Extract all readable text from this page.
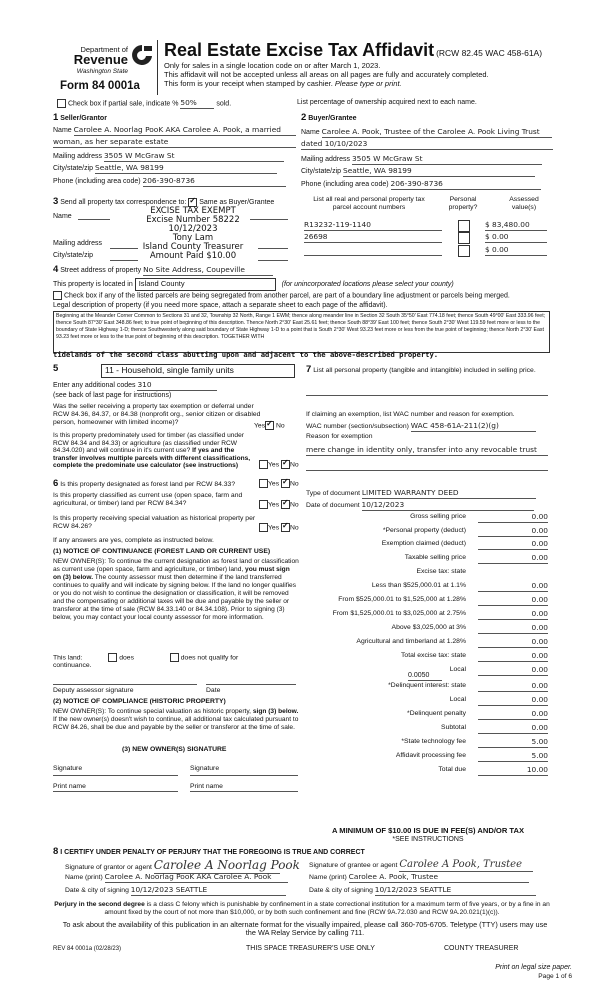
Department of
Revenue
Washington State
Form 84 0001a
Real Estate Excise Tax Affidavit (RCW 82.45 WAC 458-61A)
Only for sales in a single location code on or after March 1, 2023.
This affidavit will not be accepted unless all areas on all pages are fully and accurately completed.
This form is your receipt when stamped by cashier. Please type or print.
Check box if partial sale, indicate % 50%	sold.	List percentage of ownership acquired next to each name.
1 Seller/Grantor
Name Carolee A. Noorlag PooK AKA Carolee A. Pook, a married
woman, as her separate estate
Mailing address 3505 W McGraw St
City/state/zip Seattle, WA 98199
Phone (including area code) 206-390-8736
2 Buyer/Grantee
Name Carolee A. Pook, Trustee of the Carolee A. Pook Living Trust
dated 10/10/2023
Mailing address 3505 W McGraw St
City/state/zip Seattle, WA 98199
Phone (including area code) 206-390-8736
3 Send all property tax correspondence to: ✓ Same as Buyer/Grantee
Name
Mailing address
City/state/zip
EXCISE TAX EXEMPT
Excise Number 58222
10/12/2023
Tony Lam
Island County Treasurer
Amount Paid $10.00
List all real and personal property tax parcel account numbers
Personal property?
Assessed value(s)
R13232-119-1140	$ 83,480.00
26698	$ 0.00
$ 0.00
4 Street address of property No Site Address, Coupeville
This property is located in Island County	(for unincorporated locations please select your county)
Check box if any of the listed parcels are being segregated from another parcel, are part of a boundary line adjustment or parcels being merged.
Legal description of property (if you need more space, attach a separate sheet to each page of the affidavit).
Beginning at the Meander Corner Common to Sections 31 and 32, Township 32 North, Range 1 EWM; thence along meander line in Section 32 South 35°50' East 774.18 feet; thence South 49°00' East 333.96 feet; thence South 87°30' East 348.86 feet; to true point of beginning of this description. Thence North 2°30' East 25.61 feet; thence South 88°39' East 100 feet; thence South 2°30' West 119.59 feet more or less to the boundary of State Highway 1-D; thence Southwesterly along said boundary of State Highway 1-D to a point that is South 2°30' West 93.23 feet more or less from the true point of beginning; thence North 2°30' East 93.23 feet more or less to the true point of beginning of this description. TOGETHER WITH
tidelands of the second class abutting upon and adjacent to the above-described property.
5	11 - Household, single family units
Enter any additional codes 310
(see back of last page for instructions)
Was the seller receiving a property tax exemption or deferral under RCW 84.36, 84.37, or 84.38 (nonprofit org., senior citizen or disabled person, homeowner with limited income)?
Yes ✓ No
Is this property predominately used for timber (as classified under RCW 84.34 and 84.33) or agriculture (as classified under RCW 84.34.020) and will continue in it's current use? If yes and the transfer involves multiple parcels with different classifications, complete the predominate use calculator (see instructions)	Yes ✓ No
6 Is this property designated as forest land per RCW 84.33?	Yes ✓ No
Is this property classified as current use (open space, farm and agricultural, or timber) land per RCW 84.34?	Yes ✓ No
Is this property receiving special valuation as historical property per RCW 84.26?	Yes ✓ No
If any answers are yes, complete as instructed below.
(1) NOTICE OF CONTINUANCE (FOREST LAND OR CURRENT USE)
NEW OWNER(S): To continue the current designation as forest land or classification as current use (open space, farm and agriculture, or timber) land, you must sign on (3) below. The county assessor must then determine if the land transferred continues to qualify and will indicate by signing below. If the land no longer qualifies or you do not wish to continue the designation or classification, it will be removed and the compensating or additional taxes will be due and payable by the seller or transferor at the time of sale (RCW 84.33.140 or 84.34.108). Prior to signing (3) below, you may contact your local county assessor for more information.
This land:	does	does not qualify for
continuance.
Deputy assessor signature	Date
(2) NOTICE OF COMPLIANCE (HISTORIC PROPERTY)
NEW OWNER(S): To continue special valuation as historic property, sign (3) below. If the new owner(s) doesn't wish to continue, all additional tax calculated pursuant to RCW 84.26, shall be due and payable by the seller or transferor at the time of sale.
(3) NEW OWNER(S) SIGNATURE
Signature	Signature
Print name	Print name
7 List all personal property (tangible and intangible) included in selling price.
If claiming an exemption, list WAC number and reason for exemption.
WAC number (section/subsection) WAC 458-61A-211(2)(g)
Reason for exemption
mere change in identity only, transfer into any revocable trust
Type of document LIMITED WARRANTY DEED
Date of document 10/12/2023
Gross selling price	0.00
*Personal property (deduct)	0.00
Exemption claimed (deduct)	0.00
Taxable selling price	0.00
Excise tax: state
Less than $525,000.01 at 1.1%	0.00
From $525,000.01 to $1,525,000 at 1.28%	0.00
From $1,525,000.01 to $3,025,000 at 2.75%	0.00
Above $3,025,000 at 3%	0.00
Agricultural and timberland at 1.28%	0.00
Total excise tax: state	0.00
Local	0.00
*Delinquent interest: state	0.00
Local	0.00
*Delinquent penalty	0.00
Subtotal	0.00
*State technology fee	5.00
Affidavit processing fee	5.00
Total due	10.00
0.0050
A MINIMUM OF $10.00 IS DUE IN FEE(S) AND/OR TAX
*SEE INSTRUCTIONS
8 I CERTIFY UNDER PENALTY OF PERJURY THAT THE FOREGOING IS TRUE AND CORRECT
Signature of grantor or agent Carolee A Noorlag Pook
Name (print) Carolee A. Noorlag PooK AKA Carolee A. Pook
Date & city of signing 10/12/2023 SEATTLE
Signature of grantee or agent Carolee A Pook, Trustee
Name (print) Carolee A. Pook, Trustee
Date & city of signing 10/12/2023 SEATTLE
Perjury in the second degree is a class C felony which is punishable by confinement in a state correctional institution for a maximum term of five years, or by a fine in an amount fixed by the court of not more than $10,000, or by both such confinement and fine (RCW 9A.72.030 and RCW 9A.20.021(1)(c)).
To ask about the availability of this publication in an alternate format for the visually impaired, please call 360-705-6705. Teletype (TTY) users may use the WA Relay Service by calling 711.
REV 84 0001a (02/28/23)	THIS SPACE TREASURER'S USE ONLY	COUNTY TREASURER
Print on legal size paper.
Page 1 of 6
